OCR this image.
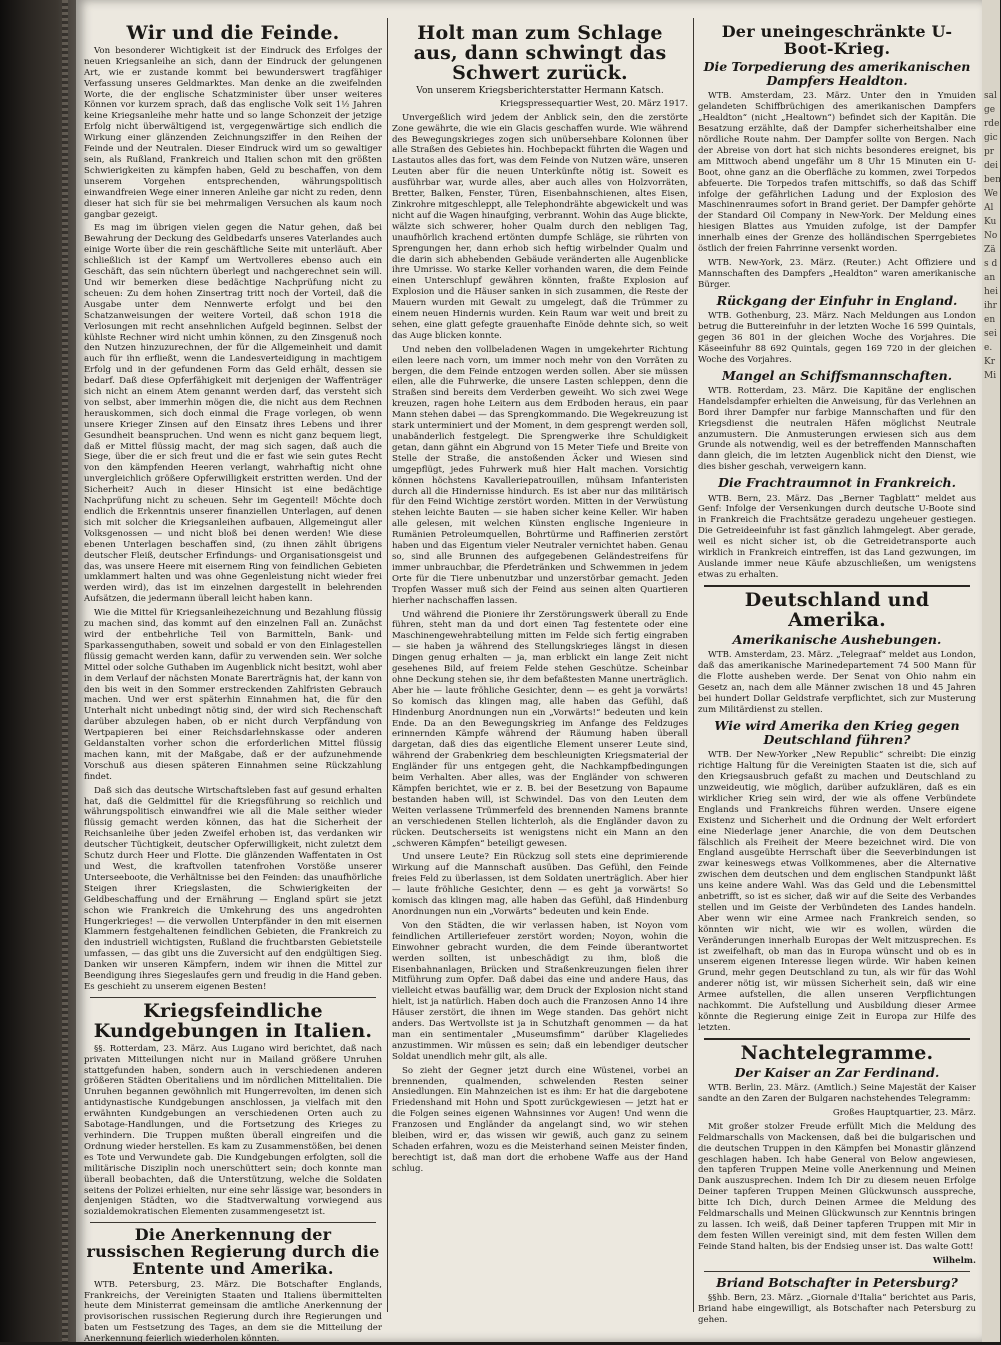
Wir und die Feinde.

Von besonderer Wichtigkeit ist der Eindruck des Erfolges der neuen Kriegsanleihe an sich, dann der Eindruck der gelungenen Art, wie er zustande kommt bei bewunderswert tragfähiger Verfassung unseres Geldmarktes. Man denke an die zweifelnden Worte, die der englische Schatzminister über unser weiteres Können vor kurzem sprach, daß das englische Volk seit 1½ Jahren keine Kriegsanleihe mehr hatte und so lange Schonzeit der jetzige Erfolg nicht überwältigend ist, vergegenwärtige sich endlich die Wirkung einer glänzenden Zeichnungsziffer in den Reihen der Feinde und der Neutralen. Dieser Eindruck wird um so gewaltiger sein, als Rußland, Frankreich und Italien schon mit den größten Schwierigkeiten zu kämpfen haben, Geld zu beschaffen, von dem unserem Vorgehen entsprechenden, währungspolitisch einwandfreien Wege einer inneren Anleihe gar nicht zu reden, denn dieser hat sich für sie bei mehrmaligen Versuchen als kaum noch gangbar gezeigt.

Es mag im übrigen vielen gegen die Natur gehen, daß bei Bewahrung der Deckung des Geldbedarfs unseres Vaterlandes auch einige Worte über die rein geschäftliche Seite mit unterläuft. Aber schließlich ist der Kampf um Wertvolleres ebenso auch ein Geschäft, das sein nüchtern überlegt und nachgerechnet sein will. Und wir bemerken diese bedächtige Nachprüfung nicht zu scheuen: Zu dem hohen Zinsertrag tritt noch der Vorteil, daß die Ausgabe unter dem Nennwerte erfolgt und bei den Schatzanweisungen der weitere Vorteil, daß schon 1918 die Verlosungen mit recht ansehnlichen Aufgeld beginnen. Selbst der kühlste Rechner wird nicht umhin können, zu den Zinsgenuß noch den Nutzen hinzuzurechnen, der für die Allgemeinheit und damit auch für ihn erfließt, wenn die Landesverteidigung in machtigem Erfolg und in der gefundenen Form das Geld erhält, dessen sie bedarf. Daß diese Opferfähigkeit mit derjenigen der Waffenträger sich nicht an einem Atem genannt werden darf, das versteht sich von selbst, aber immerhin mögen die, die nicht aus dem Rechnen herauskommen, sich doch einmal die Frage vorlegen, ob wenn unsere Krieger Zinsen auf den Einsatz ihres Lebens und ihrer Gesundheit beanspruchen. Und wenn es nicht ganz bequem liegt, daß er Mittel flüssig macht, der mag sich sagen, daß auch die Siege, über die er sich freut und die er fast wie sein gutes Recht von den kämpfenden Heeren verlangt, wahrhaftig nicht ohne unvergleichlich größere Opferwilligkeit erstritten werden. Und der Sicherheit? Auch in dieser Hinsicht ist eine bedächtige Nachprüfung nicht zu scheuen. Sehr im Gegenteil! Möchte doch endlich die Erkenntnis unserer finanziellen Unterlagen, auf denen sich mit solcher die Kriegsanleihen aufbauen, Allgemeingut aller Volksgenossen — und nicht bloß bei denen werden! Wie diese ebenen Unterlagen beschaffen sind, (zu ihnen zählt übrigens deutscher Fleiß, deutscher Erfindungs- und Organisationsgeist und das, was unsere Heere mit eisernem Ring von feindlichen Gebieten umklammert halten und was ohne Gegenleistung nicht wieder frei werden wird), das ist im einzelnen dargestellt in belehrenden Aufsätzen, die jedermann überall leicht haben kann.

Wie die Mittel für Kriegsanleihezeichnung und Bezahlung flüssig zu machen sind, das kommt auf den einzelnen Fall an. Zunächst wird der entbehrliche Teil von Barmitteln, Bank- und Sparkassenguthaben, soweit und sobald er von den Einlagestellen flüssig gemacht werden kann, dafür zu verwenden sein. Wer solche Mittel oder solche Guthaben im Augenblick nicht besitzt, wohl aber in dem Verlauf der nächsten Monate Barerträgnis hat, der kann von den bis weit in den Sommer erstreckenden Zahlfristen Gebrauch machen. Und wer erst späterhin Einnahmen hat, die für den Unterhalt nicht unbedingt nötig sind, der wird sich Rechenschaft darüber abzulegen haben, ob er nicht durch Verpfändung von Wertpapieren bei einer Reichsdarlehnskasse oder anderen Geldanstalten vorher schon die erforderlichen Mittel flüssig machen kann, mit der Maßgabe, daß er der aufzunehmende Vorschuß aus diesen späteren Einnahmen seine Rückzahlung findet.

Daß sich das deutsche Wirtschaftsleben fast auf gesund erhalten hat, daß die Geldmittel für die Kriegsführung so reichlich und währungspolitisch einwandfrei wie all die Male seither wieder flüssig gemacht werden können, das hat die Sicherheit der Reichsanleihe über jeden Zweifel erhoben ist, das verdanken wir deutscher Tüchtigkeit, deutscher Opferwilligkeit, nicht zuletzt dem Schutz durch Heer und Flotte. Die glänzenden Waffentaten in Ost und West, die kraftvollen tatenfrohen Vorstöße unserer Unterseeboote, die Verhältnisse bei den Feinden: das unaufhörliche Steigen ihrer Kriegslasten, die Schwierigkeiten der Geldbeschaffung und der Ernährung — England spürt sie jetzt schon wie Frankreich die Umkehrung des uns angedrohten Hungerkrieges! — die verwollen Unterpfänder in den mit eisernen Klammern festgehaltenen feindlichen Gebieten, die Frankreich zu den industriell wichtigsten, Rußland die fruchtbarsten Gebietsteile umfassen, — das gibt uns die Zuversicht auf den endgültigen Sieg. Danken wir unseren Kämpfern, indem wir ihnen die Mittel zur Beendigung ihres Siegeslaufes gern und freudig in die Hand geben. Es geschieht zu unserem eigenen Besten!

Kriegsfeindliche Kundgebungen in Italien.

§§. Rotterdam, 23. März. Aus Lugano wird berichtet, daß nach privaten Mitteilungen nicht nur in Mailand größere Unruhen stattgefunden haben, sondern auch in verschiedenen anderen größeren Städten Oberitaliens und im nördlichen Mittelitalien. Die Unruhen begannen gewöhnlich mit Hungerrevolten, im denen sich antidynastische Kundgebungen anschlossen, ja vielfach mit den erwähnten Kundgebungen an verschiedenen Orten auch zu Sabotage-Handlungen, und die Fortsetzung des Krieges zu verhindern. Die Truppen mußten überall eingreifen und die Ordnung wieder herstellen. Es kam zu Zusammenstößen, bei denen es Tote und Verwundete gab. Die Kundgebungen erfolgten, soll die militärische Disziplin noch unerschüttert sein; doch konnte man überall beobachten, daß die Unterstützung, welche die Soldaten seitens der Polizei erhielten, nur eine sehr lässige war, besonders in denjenigen Städten, wo die Stadtverwaltung vorwiegend aus sozialdemokratischen Elementen zusammengesetzt ist.

Die Anerkennung der russischen Regierung durch die Entente und Amerika.

WTB. Petersburg, 23. März. Die Botschafter Englands, Frankreichs, der Vereinigten Staaten und Italiens übermittelten heute dem Ministerrat gemeinsam die amtliche Anerkennung der provisorischen russischen Regierung durch ihre Regierungen und baten um Festsetzung des Tages, an dem sie die Mitteilung der Anerkennung feierlich wiederholen könnten.

Holt man zum Schlage aus, dann schwingt das Schwert zurück.
Von unserem Kriegsberichterstatter Hermann Katsch.

Kriegspressequartier West, 20. März 1917.

Unvergeßlich wird jedem der Anblick sein, den die zerstörte Zone gewährte, die wie ein Glacis geschaffen wurde. Wie während des Bewegungskrieges zogen sich unübersehbare Kolonnen über alle Straßen des Gebietes hin. Hochbepackt führten die Wagen und Lastautos alles das fort, was dem Feinde von Nutzen wäre, unseren Leuten aber für die neuen Unterkünfte nötig ist. Soweit es ausführbar war, wurde alles, aber auch alles von Holzvorräten, Bretter, Balken, Fenster, Türen, Eisenbahnschienen, altes Eisen, Zinkrohre mitgeschleppt, alle Telephondrähte abgewickelt und was nicht auf die Wagen hinaufging, verbrannt. Wohin das Auge blickte, wälzte sich schwerer, hoher Qualm durch den nebligen Tag, unaufhörlich krachend ertönten dumpfe Schläge, sie rührten von Sprengungen her, dann erhob sich heftig wirbelnder Qualm und die darin sich abhebenden Gebäude veränderten alle Augenblicke ihre Umrisse. Wo starke Keller vorhanden waren, die dem Feinde einen Unterschlupf gewähren könnten, fraßte Explosion auf Explosion und die Häuser sanken in sich zusammen, die Reste der Mauern wurden mit Gewalt zu umgelegt, daß die Trümmer zu einem neuen Hindernis wurden. Kein Raum war weit und breit zu sehen, eine glatt gefegte grauenhafte Einöde dehnte sich, so weit das Auge blicken konnte.

Und neben den vollbeladenen Wagen in umgekehrter Richtung eilen leere nach vorn, um immer noch mehr von den Vorräten zu bergen, die dem Feinde entzogen werden sollen. Aber sie müssen eilen, alle die Fuhrwerke, die unsere Lasten schleppen, denn die Straßen sind bereits dem Verderben geweiht. Wo sich zwei Wege kreuzen, ragen hohe Leitern aus dem Erdboden heraus, ein paar Mann stehen dabei — das Sprengkommando. Die Wegekreuzung ist stark unterminiert und der Moment, in dem gesprengt werden soll, unabänderlich festgelegt. Die Sprengwerke ihre Schuldigkeit getan, dann gähnt ein Abgrund von 15 Meter Tiefe und Breite von Stelle der Straße, die anstoßenden Äcker und Wiesen sind umgepflügt, jedes Fuhrwerk muß hier Halt machen. Vorsichtig können höchstens Kavalleriepatrouillen, mühsam Infanteristen durch all die Hindernisse hindurch. Es ist aber nur das militärisch für den Feind Wichtige zerstört worden. Mitten in der Verwüstung stehen leichte Bauten — sie haben sicher keine Keller. Wir haben alle gelesen, mit welchen Künsten englische Ingenieure in Rumänien Petroleumquellen, Bohrtürme und Raffinerien zerstört haben und das Eigentum vieler Neutraler vernichtet haben. Genau so, sind alle Brunnen des aufgegebenen Geländestreifens für immer unbrauchbar, die Pferdetränken und Schwemmen in jedem Orte für die Tiere unbenutzbar und unzerstörbar gemacht. Jeden Tropfen Wasser muß sich der Feind aus seinen alten Quartieren hierher nachschaffen lassen.

Und während die Pioniere ihr Zerstörungswerk überall zu Ende führen, steht man da und dort einen Tag festentete oder eine Maschinengewehrabteilung mitten im Felde sich fertig eingraben — sie haben ja während des Stellungskrieges längst in diesen Dingen genug erhalten — ja, man erblickt ein lange Zeit nicht gesehenes Bild, auf freiem Felde stehen Geschütze. Scheinbar ohne Deckung stehen sie, ihr dem befaßtesten Manne unerträglich. Aber hie — laute fröhliche Gesichter, denn — es geht ja vorwärts! So komisch das klingen mag, alle haben das Gefühl, daß Hindenburg Anordnungen nun ein „Vorwärts!“ bedeuten und kein Ende. Da an den Bewegungskrieg im Anfange des Feldzuges erinnernden Kämpfe während der Räumung haben überall dargetan, daß dies das eigentliche Element unserer Leute sind, während der Grabenkrieg dem beschleunigten Kriegsmaterial der Engländer für uns entgegen geht, die Nachkampfbedingungen beim Verhalten. Aber alles, was der Engländer von schweren Kämpfen berichtet, wie er z. B. bei der Besetzung von Bapaume bestanden haben will, ist Schwindel. Das von den Leuten dem Weiten verlassene Trümmerfeld des brennenden Namens brannte an verschiedenen Stellen lichterloh, als die Engländer davon zu rücken. Deutscherseits ist wenigstens nicht ein Mann an den „schweren Kämpfen“ beteiligt gewesen.

Und unsere Leute? Ein Rückzug soll stets eine deprimierende Wirkung auf die Mannschaft ausüben. Das Gefühl, den Feinde freies Feld zu überlassen, ist dem Soldaten unerträglich. Aber hier — laute fröhliche Gesichter, denn — es geht ja vorwärts! So komisch das klingen mag, alle haben das Gefühl, daß Hindenburg Anordnungen nun ein „Vorwärts“ bedeuten und kein Ende.

Von den Städten, die wir verlassen haben, ist Noyon vom feindlichen Artilleriefeuer zerstört worden; Noyon, wohin die Einwohner gebracht wurden, die dem Feinde überantwortet werden sollten, ist unbeschädigt zu ihm, bloß die Eisenbahnanlagen, Brücken und Straßenkreuzungen fielen ihrer Mitführung zum Opfer. Daß dabei das eine und andere Haus, das vielleicht etwas baufällig war, dem Druck der Explosion nicht stand hielt, ist ja natürlich. Haben doch auch die Franzosen Anno 14 ihre Häuser zerstört, die ihnen im Wege standen. Das gehört nicht anders. Das Wertvollste ist ja in Schutzhaft genommen — da hat man ein sentimentaler „Museumsfimm“ darüber Klageliedes anzustimmen. Wir müssen es sein; daß ein lebendiger deutscher Soldat unendlich mehr gilt, als alle.

So zieht der Gegner jetzt durch eine Wüstenei, vorbei an brennenden, qualmenden, schwelenden Resten seiner Ansiedlungen. Ein Mahnzeichen ist es ihm: Er hat die dargebotene Friedenshand mit Hohn und Spott zurückgewiesen — jetzt hat er die Folgen seines eigenen Wahnsinnes vor Augen! Und wenn die Franzosen und Engländer da angelangt sind, wo wir stehen bleiben, wird er, das wissen wir gewiß, auch ganz zu seinem Schaden erfahren, wozu es die Meisterhand seinen Meister finden, berechtigt ist, daß man dort die erhobene Waffe aus der Hand schlug.

Der uneingeschränkte U-Boot-Krieg.
Die Torpedierung des amerikanischen Dampfers Healdton.

WTB. Amsterdam, 23. März. Unter den in Ymuiden gelandeten Schiffbrüchigen des amerikanischen Dampfers „Healdton“ (nicht „Healtown“) befindet sich der Kapitän. Die Besatzung erzählte, daß der Dampfer sicherheitshalber eine nördliche Route nahm. Der Dampfer sollte von Bergen. Nach der Abreise von dort hat sich nichts besonderes ereignet, bis am Mittwoch abend ungefähr um 8 Uhr 15 Minuten ein U-Boot, ohne ganz an die Oberfläche zu kommen, zwei Torpedos abfeuerte. Die Torpedos trafen mittschiffs, so daß das Schiff infolge der gefährlichen Ladung und der Explosion des Maschinenraumes sofort in Brand geriet. Der Dampfer gehörte der Standard Oil Company in New-York. Der Meldung eines hiesigen Blattes aus Ymuiden zufolge, ist der Dampfer innerhalb eines der Grenze des holländischen Sperrgebietes östlich der freien Fahrrinne versenkt worden.

WTB. New-York, 23. März. (Reuter.) Acht Offiziere und Mannschaften des Dampfers „Healdton“ waren amerikanische Bürger.

Rückgang der Einfuhr in England.

WTB. Gothenburg, 23. März. Nach Meldungen aus London betrug die Buttereinfuhr in der letzten Woche 16 599 Quintals, gegen 36 801 in der gleichen Woche des Vorjahres. Die Käseeinfuhr 88 692 Quintals, gegen 169 720 in der gleichen Woche des Vorjahres.

Mangel an Schiffsmannschaften.

WTB. Rotterdam, 23. März. Die Kapitäne der englischen Handelsdampfer erhielten die Anweisung, für das Verlehnen an Bord ihrer Dampfer nur farbige Mannschaften und für den Kriegsdienst die neutralen Häfen möglichst Neutrale anzumustern. Die Anmusterungen erwiesen sich aus dem Grunde als notwendig, weil es der betreffenden Mannschaften dann gleich, die im letzten Augenblick nicht den Dienst, wie dies bisher geschah, verweigern kann.

Die Frachtraumnot in Frankreich.

WTB. Bern, 23. März. Das „Berner Tagblatt“ meldet aus Genf: Infolge der Versenkungen durch deutsche U-Boote sind in Frankreich die Frachtsätze geradezu ungeheuer gestiegen. Die Getreideeinfuhr ist fast gänzlich lahmgelegt. Aber gerade, weil es nicht sicher ist, ob die Getreidetransporte auch wirklich in Frankreich eintreffen, ist das Land gezwungen, im Auslande immer neue Käufe abzuschließen, um wenigstens etwas zu erhalten.

Deutschland und Amerika.
Amerikanische Aushebungen.

WTB. Amsterdam, 23. März. „Telegraaf“ meldet aus London, daß das amerikanische Marinedepartement 74 500 Mann für die Flotte ausheben werde. Der Senat von Ohio nahm ein Gesetz an, nach dem alle Männer zwischen 18 und 45 Jahren bei hundert Dollar Geldstrafe verpflichtet, sich zur Musterung zum Militärdienst zu stellen.

Wie wird Amerika den Krieg gegen Deutschland führen?

WTB. Der New-Yorker „New Republic“ schreibt: Die einzig richtige Haltung für die Vereinigten Staaten ist die, sich auf den Kriegsausbruch gefaßt zu machen und Deutschland zu unzweideutig, wie möglich, darüber aufzuklären, daß es ein wirklicher Krieg sein wird, der wie als offene Verbündete Englands und Frankreichs führen werden. Unsere eigene Existenz und Sicherheit und die Ordnung der Welt erfordert eine Niederlage jener Anarchie, die von dem Deutschen fälschlich als Freiheit der Meere bezeichnet wird. Die von England ausgeübte Herrschaft über die Seeverbindungen ist zwar keineswegs etwas Vollkommenes, aber die Alternative zwischen dem deutschen und dem englischen Standpunkt läßt uns keine andere Wahl. Was das Geld und die Lebensmittel anbetrifft, so ist es sicher, daß wir auf die Seite des Verbandes stellen und im Geiste der Verbündeten des Landes handeln. Aber wenn wir eine Armee nach Frankreich senden, so könnten wir nicht, wie wir es wollen, würden die Veränderungen innerhalb Europas der Welt mitzusprechen. Es ist zweifelhaft, ob man das in Europa wünscht und ob es in unserem eigenen Interesse liegen würde. Wir haben keinen Grund, mehr gegen Deutschland zu tun, als wir für das Wohl anderer nötig ist, wir müssen Sicherheit sein, daß wir eine Armee aufstellen, die allen unseren Verpflichtungen nachkommt. Die Aufstellung und Ausbildung dieser Armee könnte die Regierung einige Zeit in Europa zur Hilfe des letzten.

Nachtelegramme.
Der Kaiser an Zar Ferdinand.

WTB. Berlin, 23. März. (Amtlich.) Seine Majestät der Kaiser sandte an den Zaren der Bulgaren nachstehendes Telegramm:

Großes Hauptquartier, 23. März.

Mit großer stolzer Freude erfüllt Mich die Meldung des Feldmarschalls von Mackensen, daß bei die bulgarischen und die deutschen Truppen in den Kämpfen bei Monastir glänzend geschlagen haben. Ich habe General von Below angewiesen, den tapferen Truppen Meine volle Anerkennung und Meinen Dank auszusprechen. Indem Ich Dir zu diesem neuen Erfolge Deiner tapferen Truppen Meinen Glückwunsch ausspreche, bitte Ich Dich, durch Deinen Armee die Meldung des Feldmarschalls und Meinen Glückwunsch zur Kenntnis bringen zu lassen. Ich weiß, daß Deiner tapferen Truppen mit Mir in dem festen Willen vereinigt sind, mit dem festen Willen dem Feinde Stand halten, bis der Endsieg unser ist. Das walte Gott!

Wilhelm.

Briand Botschafter in Petersburg?

§§hb. Bern, 23. März. „Giornale d'Italia“ berichtet aus Paris, Briand habe eingewilligt, als Botschafter nach Petersburg zu gehen.

sal
ge
rde
gic
pr
dei
ben
We
Al
Ku
No
Zä
s d
an
hei
ihr
en
sei
e.
Kr
Mi
